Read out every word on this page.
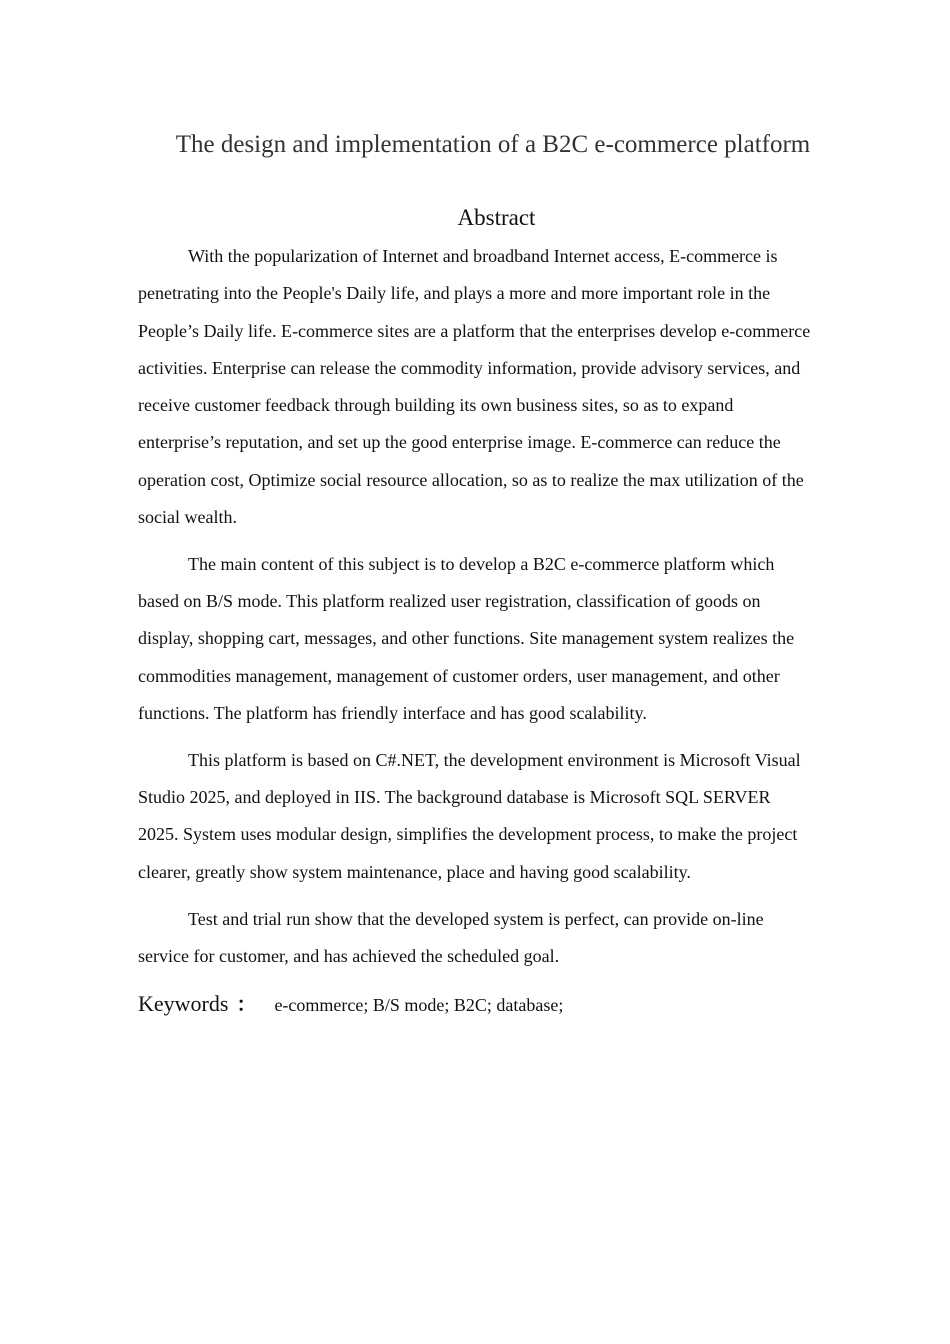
The design and implementation of a B2C e-commerce platform
Abstract
With the popularization of Internet and broadband Internet access, E-commerce is
penetrating into the People's Daily life, and plays a more and more important role in the
People’s Daily life. E-commerce sites are a platform that the enterprises develop e-commerce
activities. Enterprise can release the commodity information, provide advisory services, and
receive customer feedback through building its own business sites, so as to expand
enterprise’s reputation, and set up the good enterprise image. E-commerce can reduce the
operation cost, Optimize social resource allocation, so as to realize the max utilization of the
social wealth.
The main content of this subject is to develop a B2C e-commerce platform which
based on B/S mode. This platform realized user registration, classification of goods on
display, shopping cart, messages, and other functions. Site management system realizes the
commodities management, management of customer orders, user management, and other
functions. The platform has friendly interface and has good scalability.
This platform is based on C#.NET, the development environment is Microsoft Visual
Studio 2025, and deployed in IIS. The background database is Microsoft SQL SERVER
2025. System uses modular design, simplifies the development process, to make the project
clearer, greatly show system maintenance, place and having good scalability.
Test and trial run show that the developed system is perfect, can provide on-line
service for customer, and has achieved the scheduled goal.
Keywords ： e-commerce; B/S mode; B2C; database;
